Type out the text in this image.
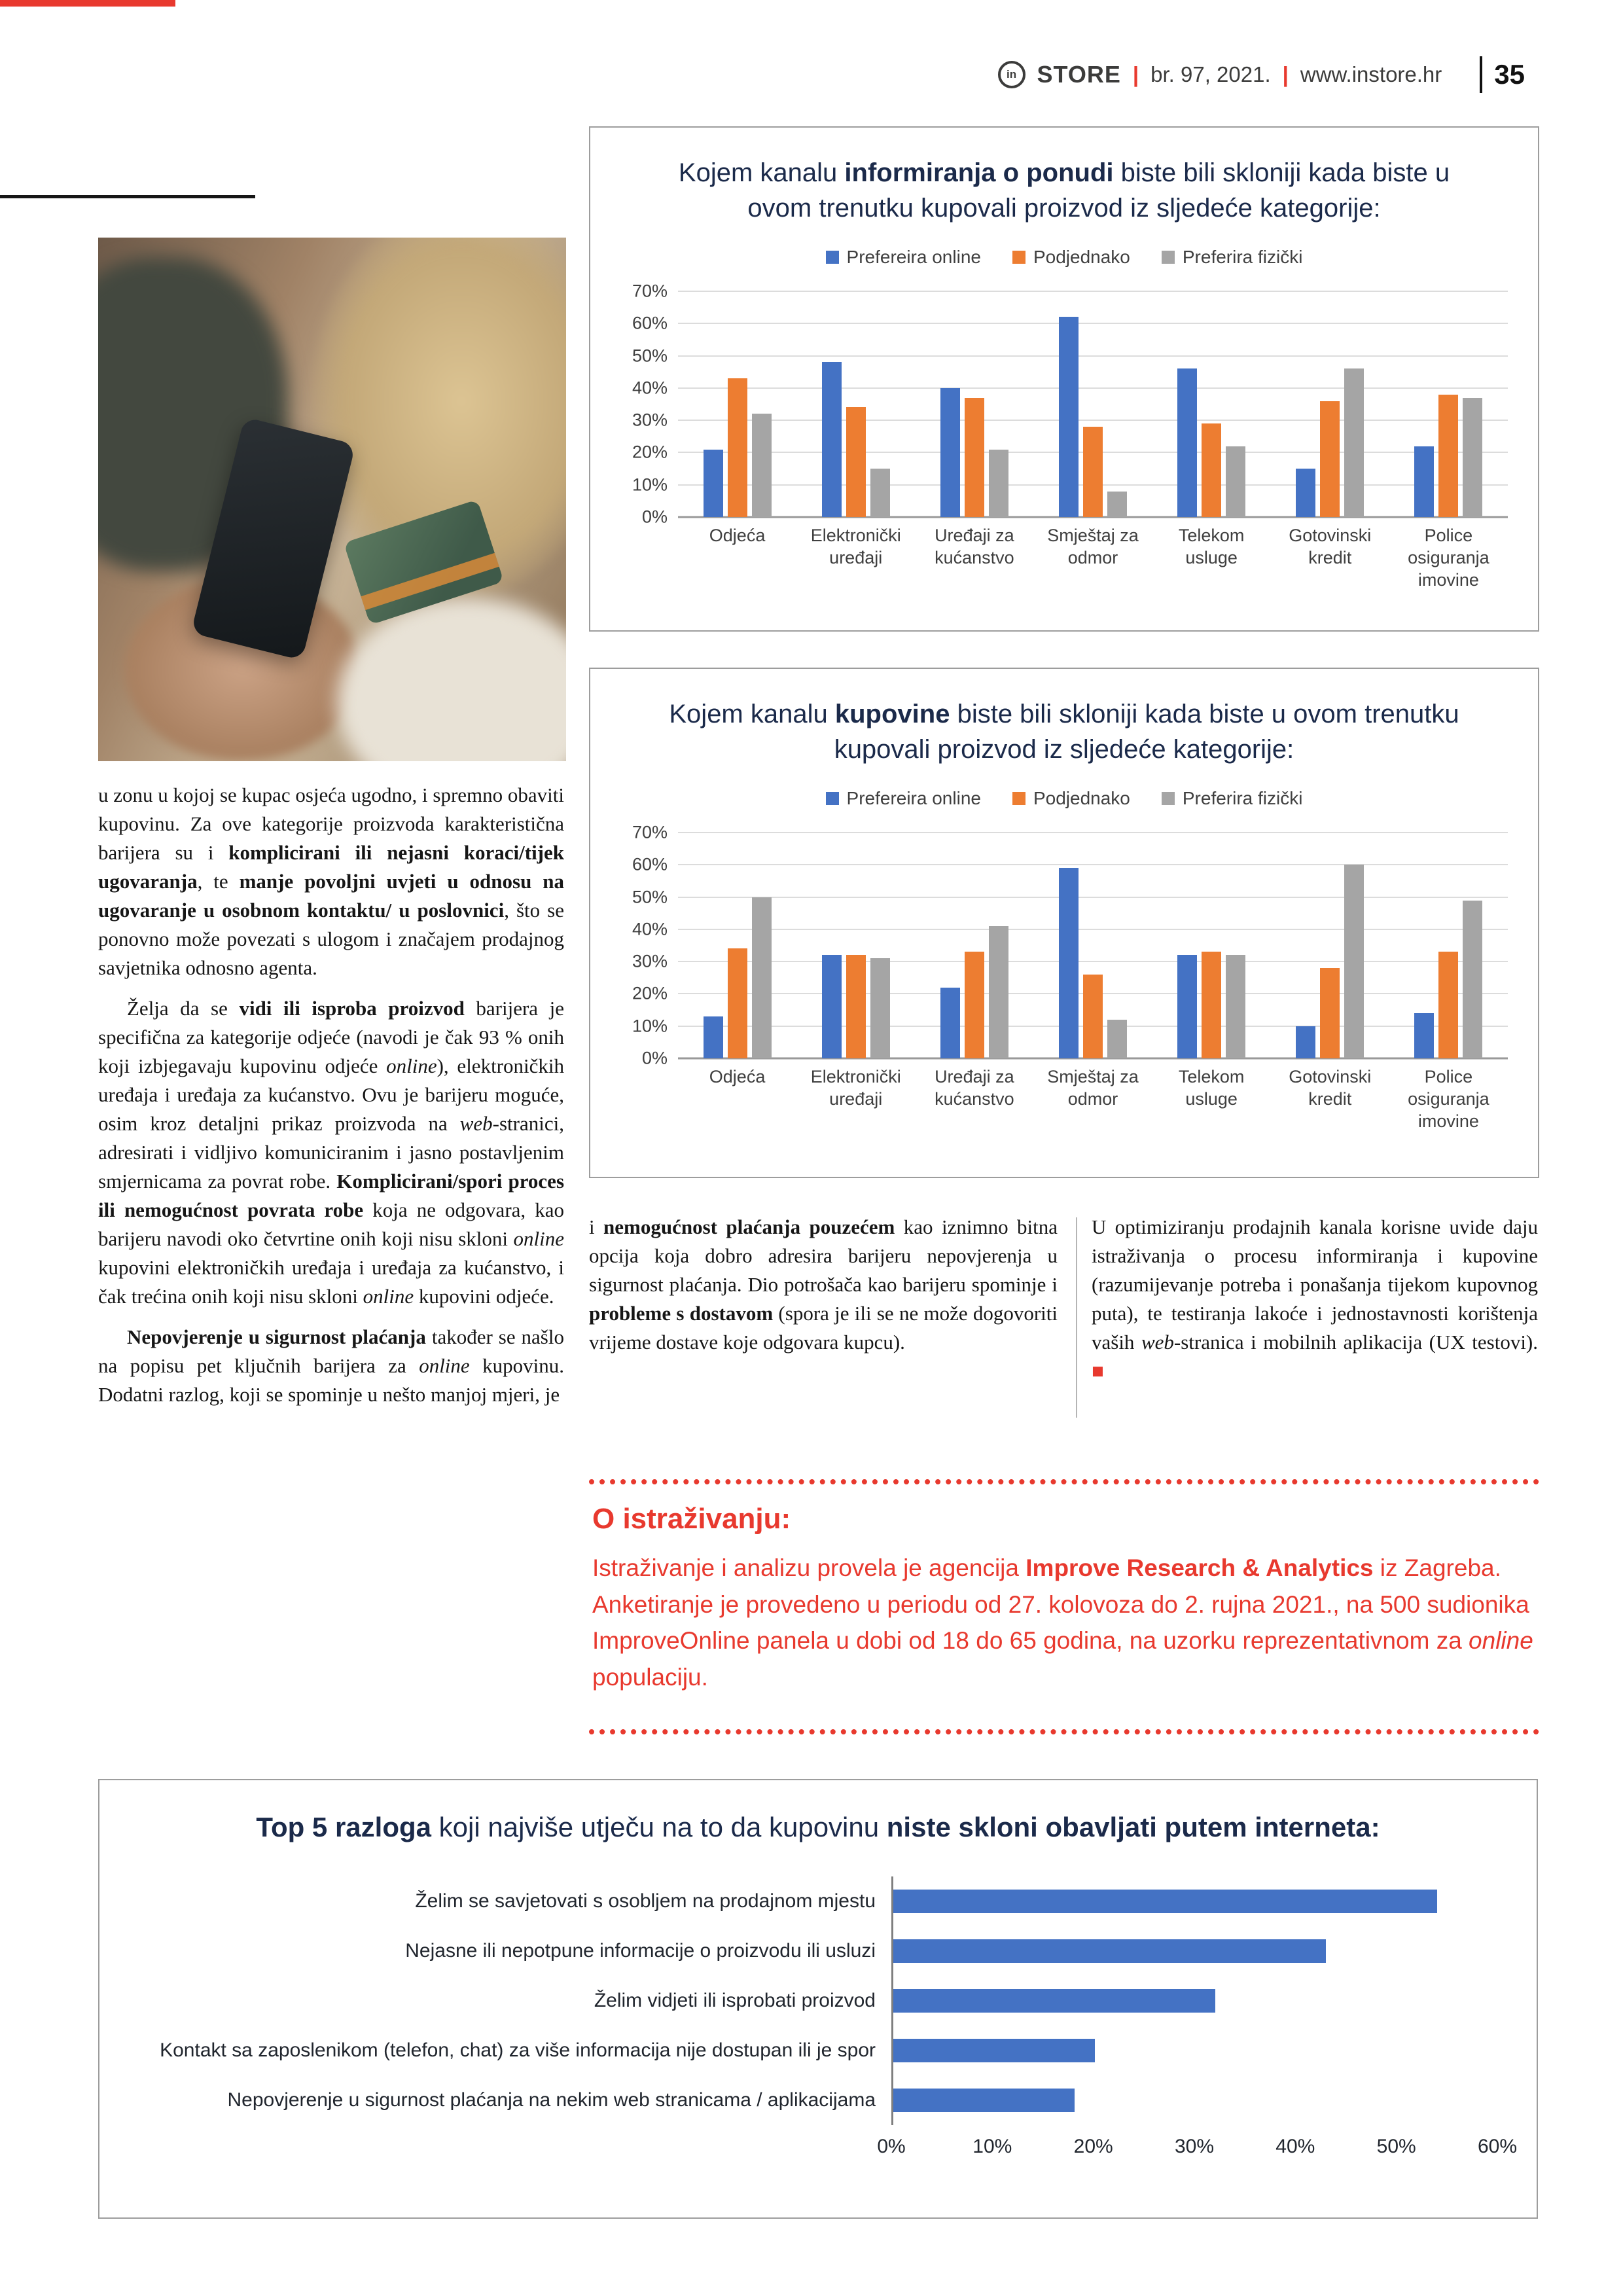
in STORE | br. 97, 2021. | www.instore.hr 35
Kojem kanalu informiranja o ponudi biste bili skloniji kada biste u ovom trenutku kupovali proizvod iz sljedeće kategorije:
Prefereira online	Podjednako	Preferira fizički
70%
60%
50%
40%
30%
20%
10%
0%
Odjeća	Elektronički uređaji
Uređaji za kućanstvo
Smještaj za odmor
Telekom usluge
Gotovinski kredit
Police osiguranja imovine
Kojem kanalu kupovine biste bili skloniji kada biste u ovom trenutku kupovali proizvod iz sljedeće kategorije:
Prefereira online	Podjednako	Preferira fizički
70%
60%
50%
40%
30%
20%
10%
0%
Odjeća	Elektronički uređaji
Uređaji za kućanstvo
Smještaj za odmor
Telekom usluge
Gotovinski kredit
Police osiguranja imovine

u zonu u kojoj se kupac osjeća ugodno, i spremno obaviti kupovinu. Za ove kategorije proizvoda karakteristična barijera su i komplicirani ili nejasni koraci/tijek ugovaranja, te manje povoljni uvjeti u odnosu na ugovaranje u osobnom kontaktu/ u poslovnici, što se ponovno može povezati s ulogom i značajem prodajnog savjetnika odnosno agenta.

Želja da se vidi ili isproba proizvod barijera je specifična za kategorije odjeće (navodi je čak 93 % onih koji izbjegavaju kupovinu odjeće online), elektroničkih uređaja i uređaja za kućanstvo. Ovu je barijeru moguće, osim kroz detaljni prikaz proizvoda na web-stranici, adresirati i vidljivo komuniciranim i jasno postavljenim smjernicama za povrat robe. Komplicirani/spori proces ili nemogućnost povrata robe koja ne odgovara, kao barijeru navodi oko četvrtine onih koji nisu skloni online kupovini elektroničkih uređaja i uređaja za kućanstvo, i čak trećina onih koji nisu skloni online kupovini odjeće.

Nepovjerenje u sigurnost plaćanja također se našlo na popisu pet ključnih barijera za online kupovinu. Dodatni razlog, koji se spominje u nešto manjoj mjeri, je

i nemogućnost plaćanja pouzećem kao iznimno bitna opcija koja dobro adresira barijeru nepovjerenja u sigurnost plaćanja. Dio potrošača kao barijeru spominje i probleme s dostavom (spora je ili se ne može dogovoriti vrijeme dostave koje odgovara kupcu).

U optimiziranju prodajnih kanala korisne uvide daju istraživanja o procesu informiranja i kupovine (razumijevanje potreba i ponašanja tijekom kupovnog puta), te testiranja lakoće i jednostavnosti korištenja vaših web-stranica i mobilnih aplikacija (UX testovi). ■

O istraživanju:

Istraživanje i analizu provela je agencija Improve Research & Analytics iz Zagreba. Anketiranje je provedeno u periodu od 27. kolovoza do 2. rujna 2021., na 500 sudionika ImproveOnline panela u dobi od 18 do 65 godina, na uzorku reprezentativnom za online populaciju.

Top 5 razloga koji najviše utječu na to da kupovinu niste skloni obavljati putem interneta:
Želim se savjetovati s osobljem na prodajnom mjestu
Nejasne ili nepotpune informacije o proizvodu ili usluzi
Želim vidjeti ili isprobati proizvod
Kontakt sa zaposlenikom (telefon, chat) za više informacija nije dostupan ili je spor
Nepovjerenje u sigurnost plaćanja na nekim web stranicama / aplikacijama
0%	10%	20%	30%	40%	50%	60%
